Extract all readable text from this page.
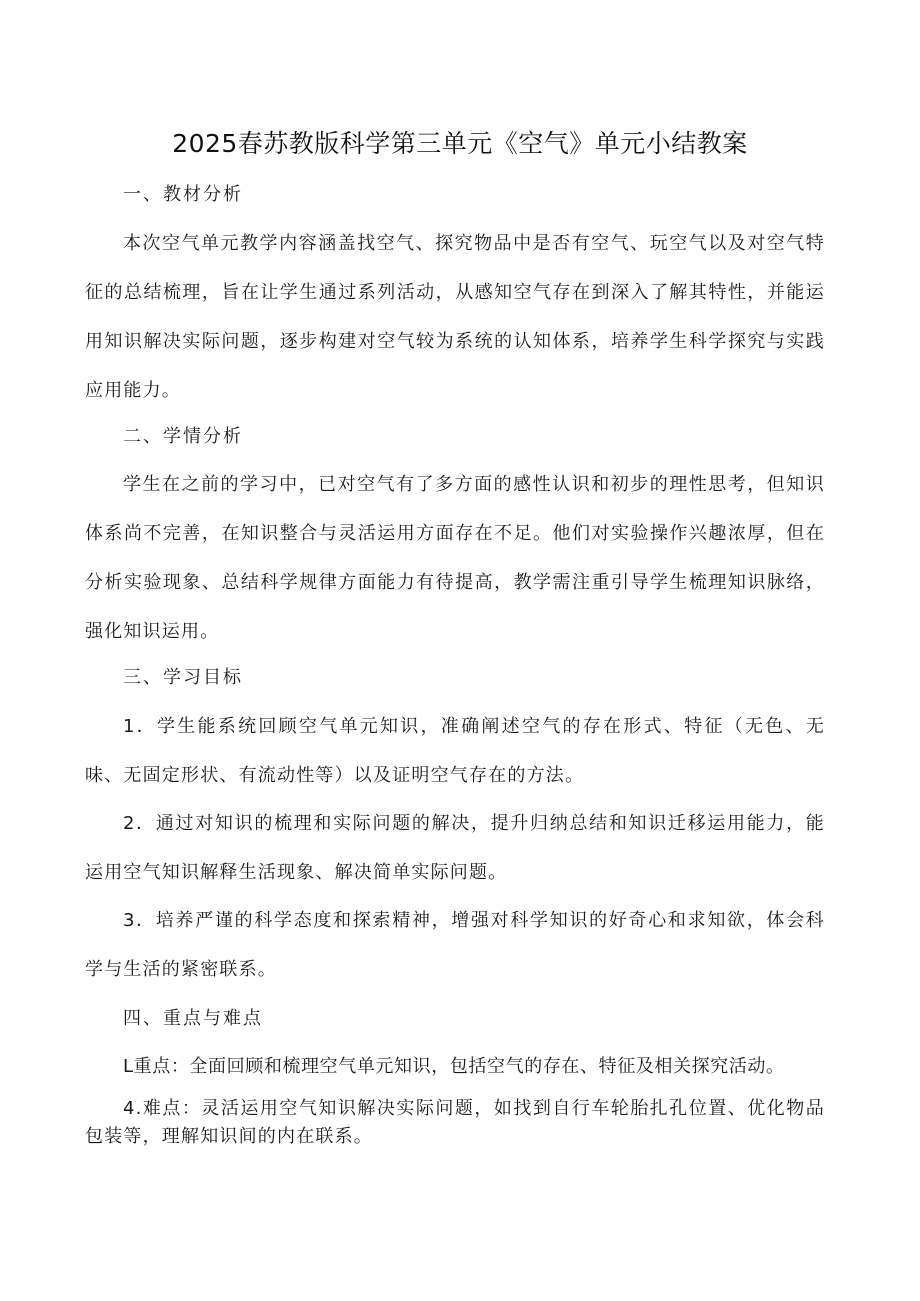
2025春苏教版科学第三单元《空气》单元小结教案
一、教材分析
本次空气单元教学内容涵盖找空气、探究物品中是否有空气、玩空气以及对空气特征的总结梳理，旨在让学生通过系列活动，从感知空气存在到深入了解其特性，并能运用知识解决实际问题，逐步构建对空气较为系统的认知体系，培养学生科学探究与实践应用能力。
二、学情分析
学生在之前的学习中，已对空气有了多方面的感性认识和初步的理性思考，但知识体系尚不完善，在知识整合与灵活运用方面存在不足。他们对实验操作兴趣浓厚，但在分析实验现象、总结科学规律方面能力有待提高，教学需注重引导学生梳理知识脉络，强化知识运用。
三、学习目标
1．学生能系统回顾空气单元知识，准确阐述空气的存在形式、特征（无色、无味、无固定形状、有流动性等）以及证明空气存在的方法。
2．通过对知识的梳理和实际问题的解决，提升归纳总结和知识迁移运用能力，能运用空气知识解释生活现象、解决简单实际问题。
3．培养严谨的科学态度和探索精神，增强对科学知识的好奇心和求知欲，体会科学与生活的紧密联系。
四、重点与难点
L重点：全面回顾和梳理空气单元知识，包括空气的存在、特征及相关探究活动。
4.难点：灵活运用空气知识解决实际问题，如找到自行车轮胎扎孔位置、优化物品包装等，理解知识间的内在联系。
